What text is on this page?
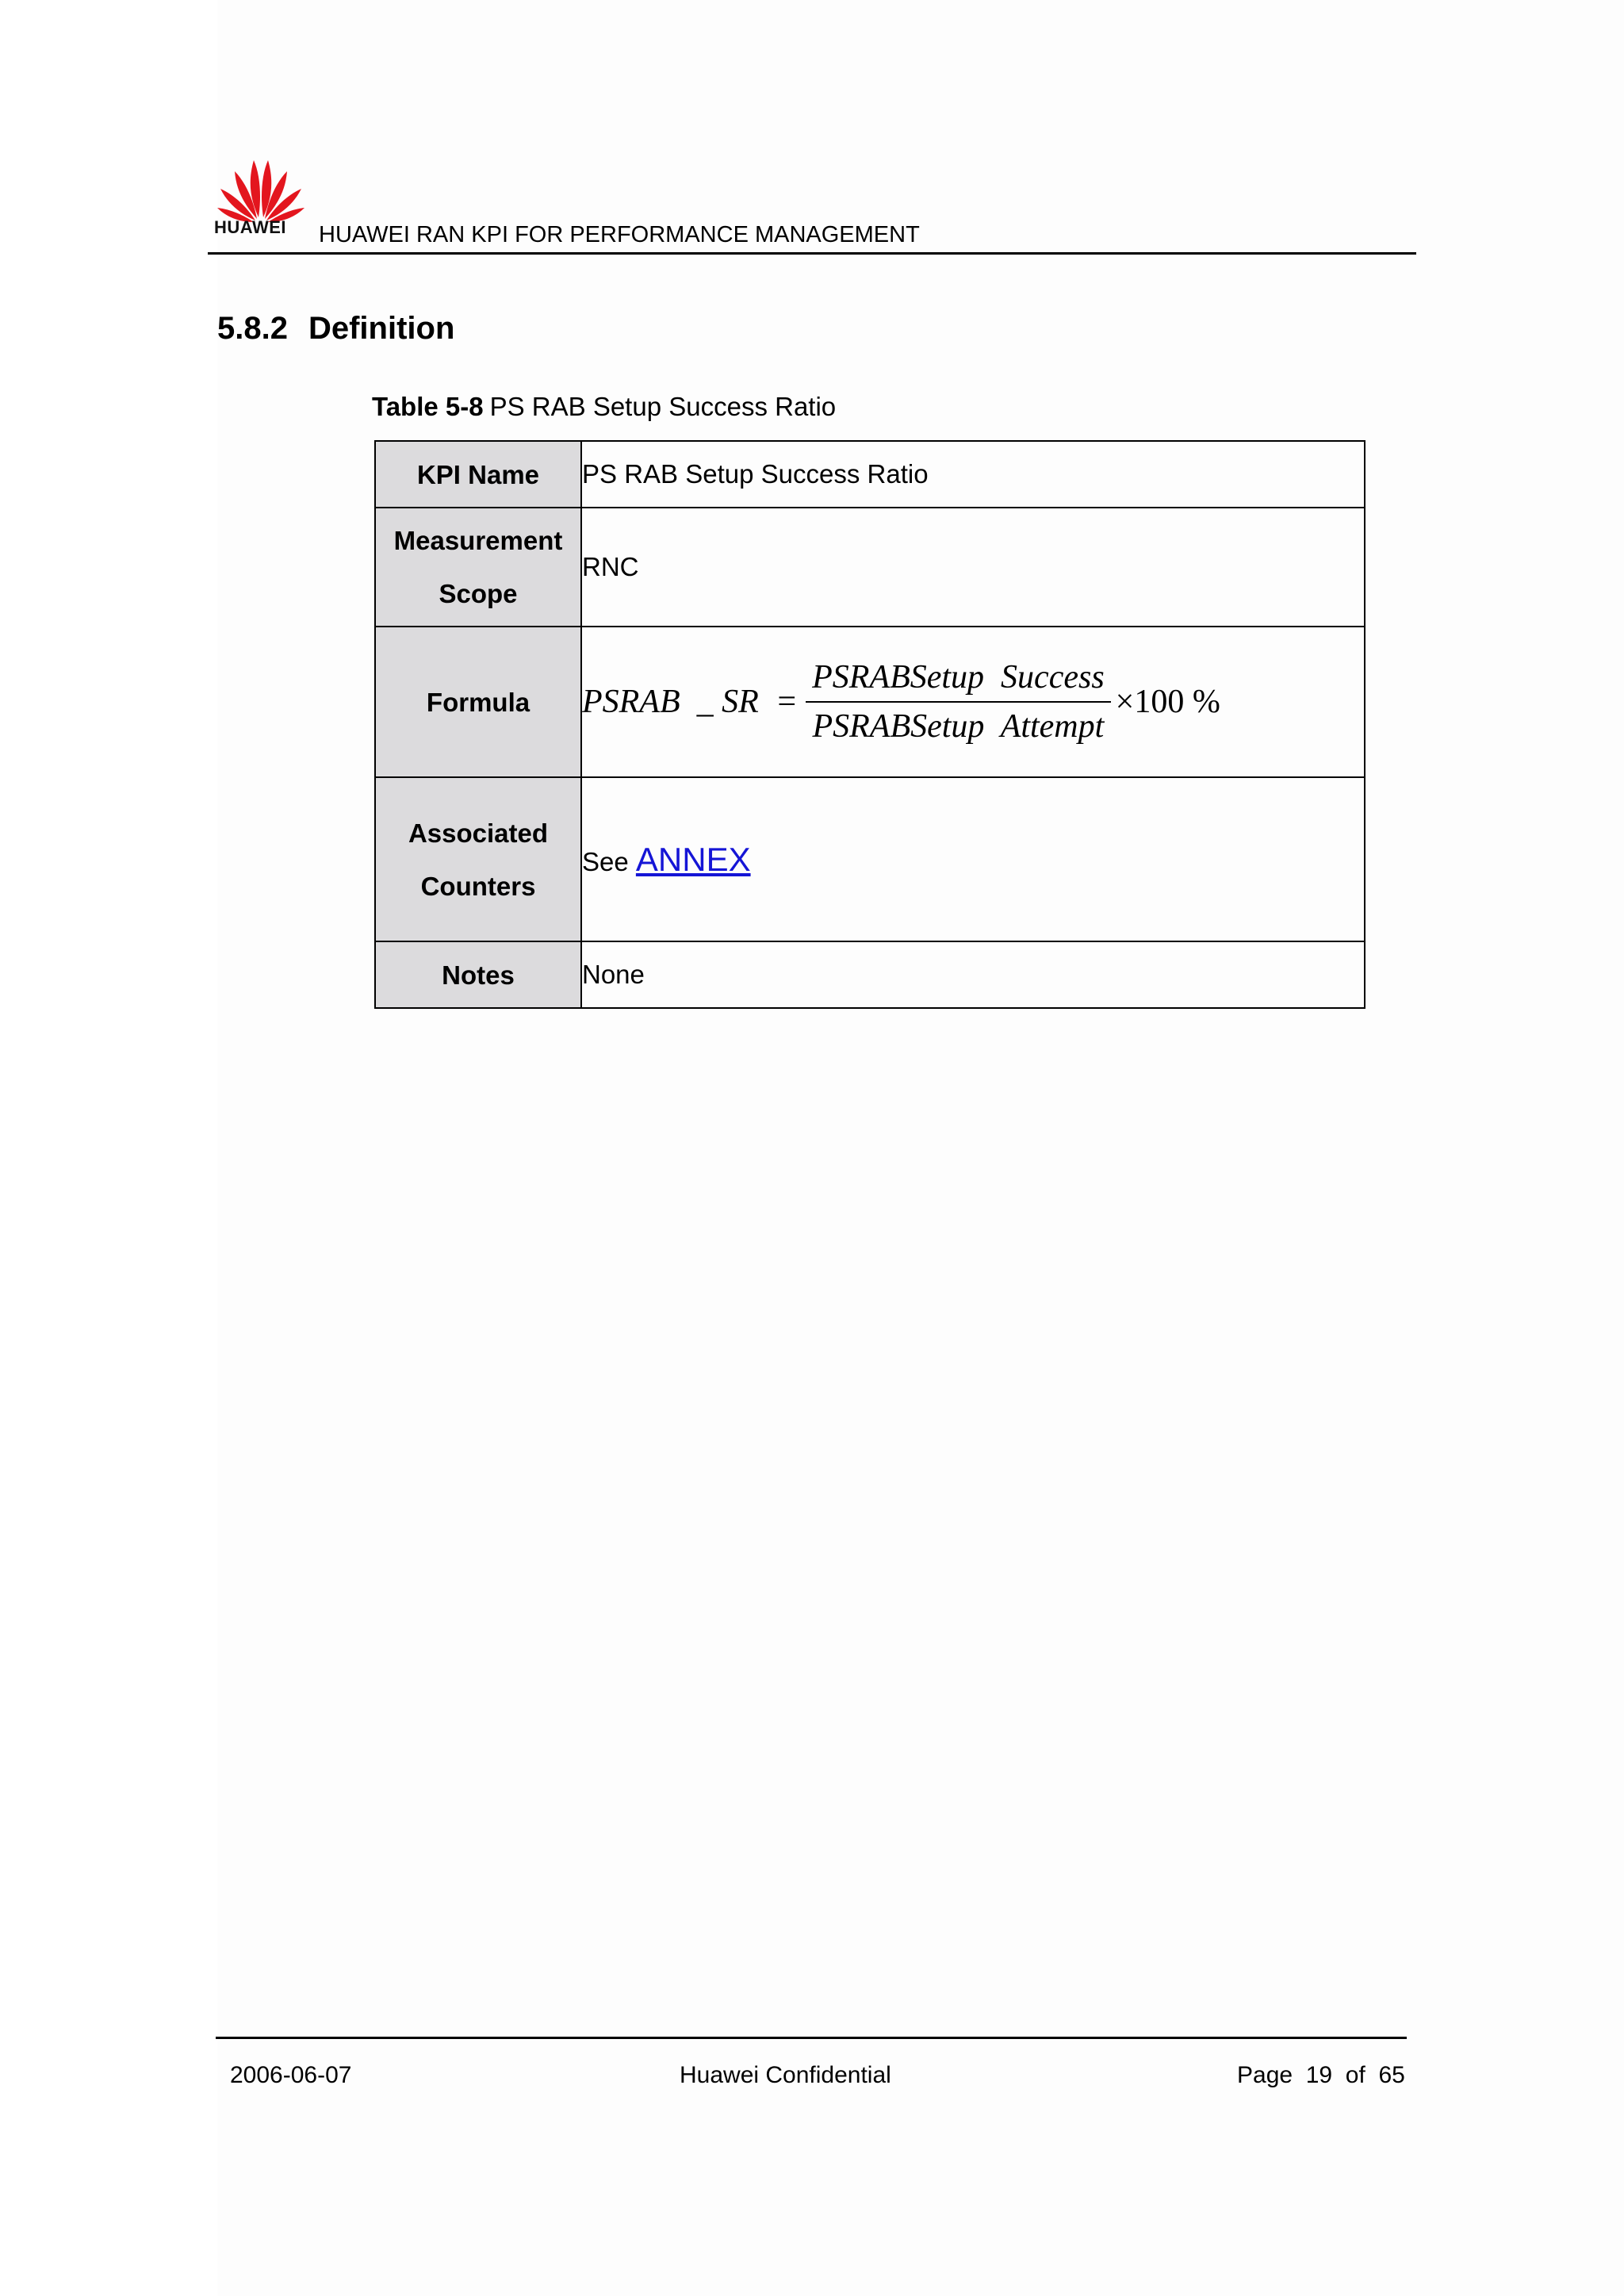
HUAWEI HUAWEI RAN KPI FOR PERFORMANCE MANAGEMENT
5.8.2 Definition
Table 5-8 PS RAB Setup Success Ratio
KPI Name	PS RAB Setup Success Ratio

Measurement
Scope	RNC
Formula	PSRAB  _ SR  = $\frac{\text{PSRABSetup  Success}}{\text{PSRABSetup  Attempt}} \times 100$ %

Associated
Counters	See ANNEX
Notes	None
2006-06-07	Huawei Confidential	Page  19  of  65
